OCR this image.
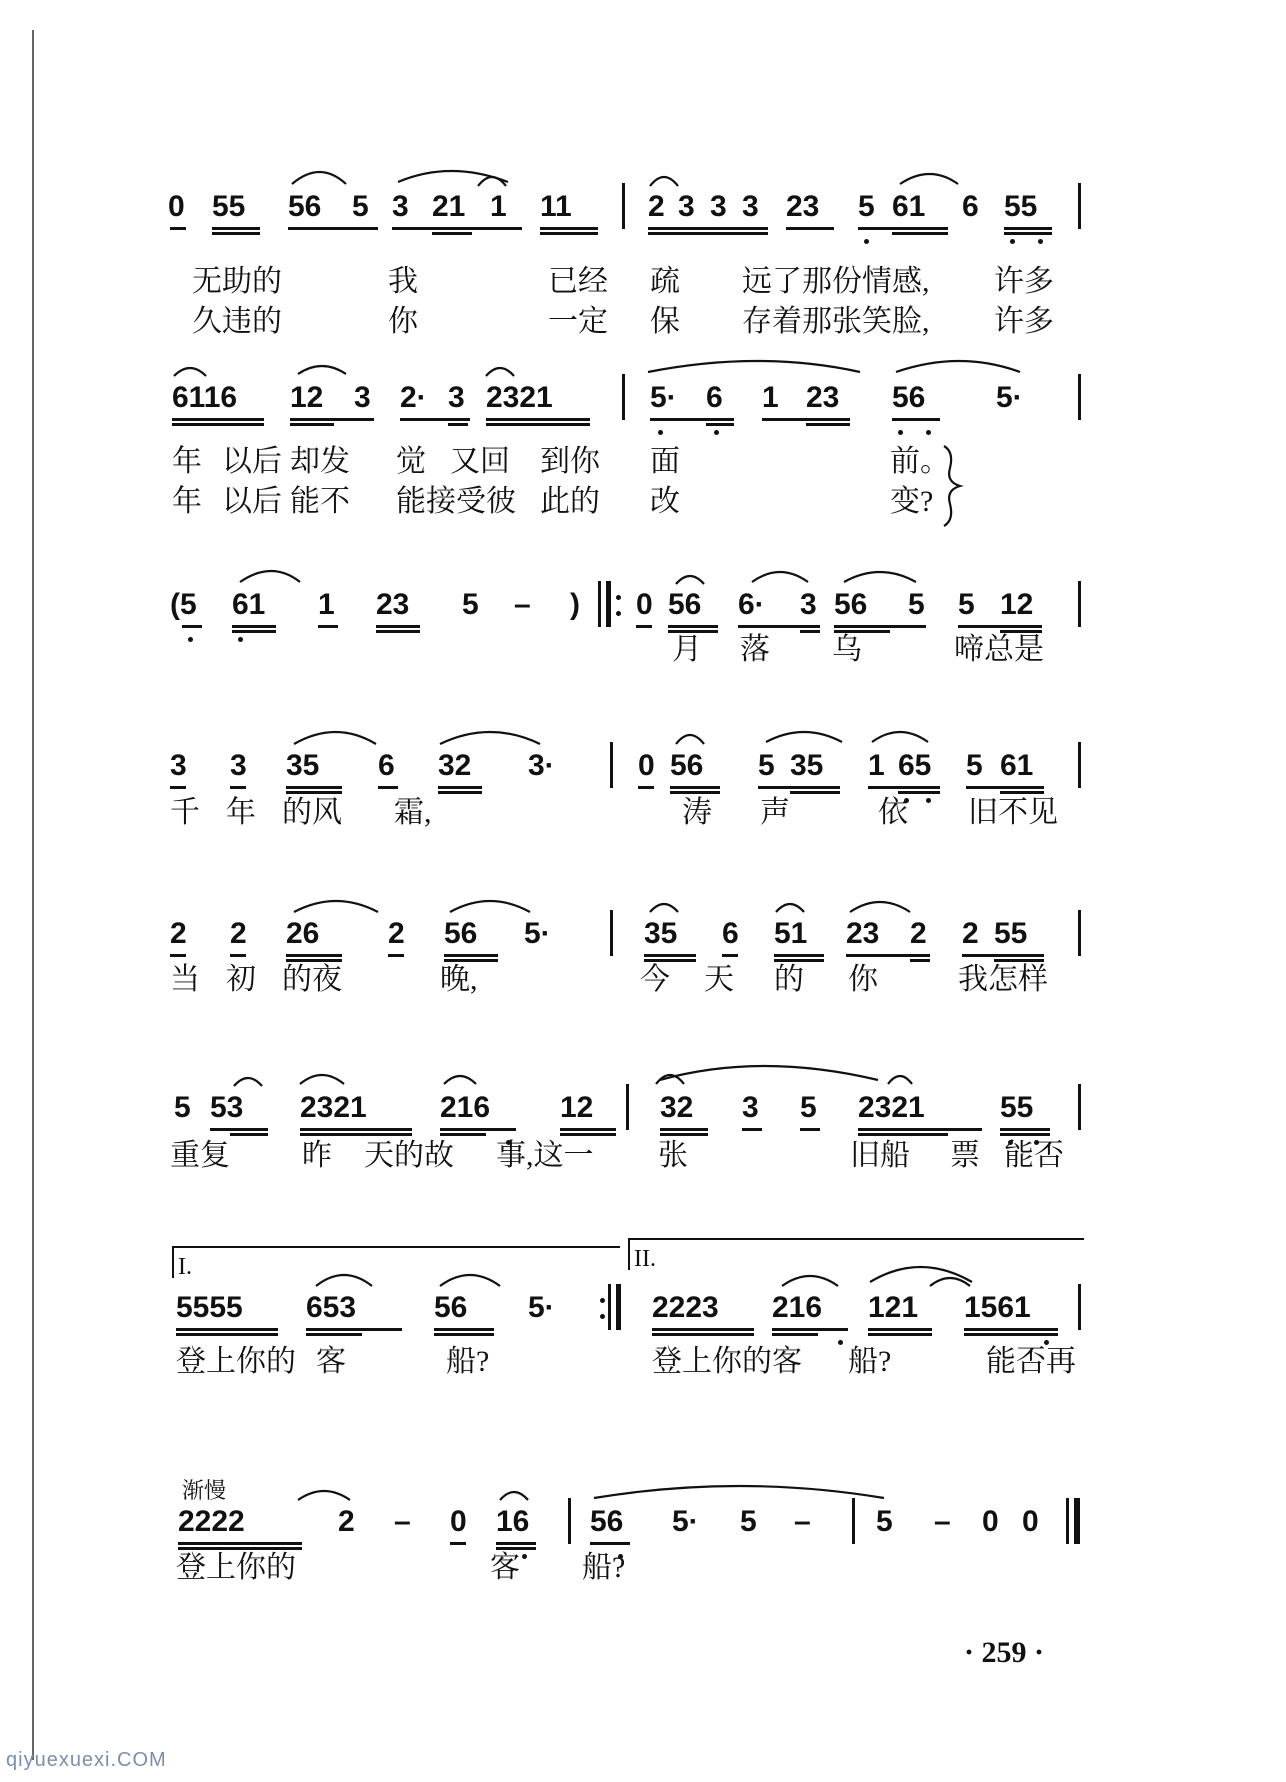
0 55 56 5 3 21 1 11	2 3 3 3 23 5 61 6 55
无助的	我	已经 疏 远了那份情感, 许多
久违的	你	一定 保 存着那张笑脸, 许多
6116 12 3 2· 3 2321	5· 6 1 23 56 5·
年 以后 却发 觉 又回 到你 面	前。
年 以后 能不 能接受彼 此的 改	变?
(5 61 1 23 5 – ) 0 56 6· 3 56 5 5 12
月 落 乌	啼总是
3 3 35 6 32 3·	0 56 5 35 1 65 5 61
千 年 的风 霜,	涛 声	依 旧不见
2 2 26 2 56 5·	35 6 51 23 2 2 55
当 初 的夜	晚,	今 天 的 你	我怎样
5 53 2321 216 12 32 3 5 2321	55
重复 昨 天的故 事,这一 张	旧船 票 能否
I.	II.
5555 653	56 5·	2223 216 121 1561
登上你的 客	船?	登上你的客 船?	能否再
渐慢
2222	2 – 0 16 56 5· 5 – 5 – 0 0
登上你的	客 船?
· 259 ·
qiyuexuexi.COM
